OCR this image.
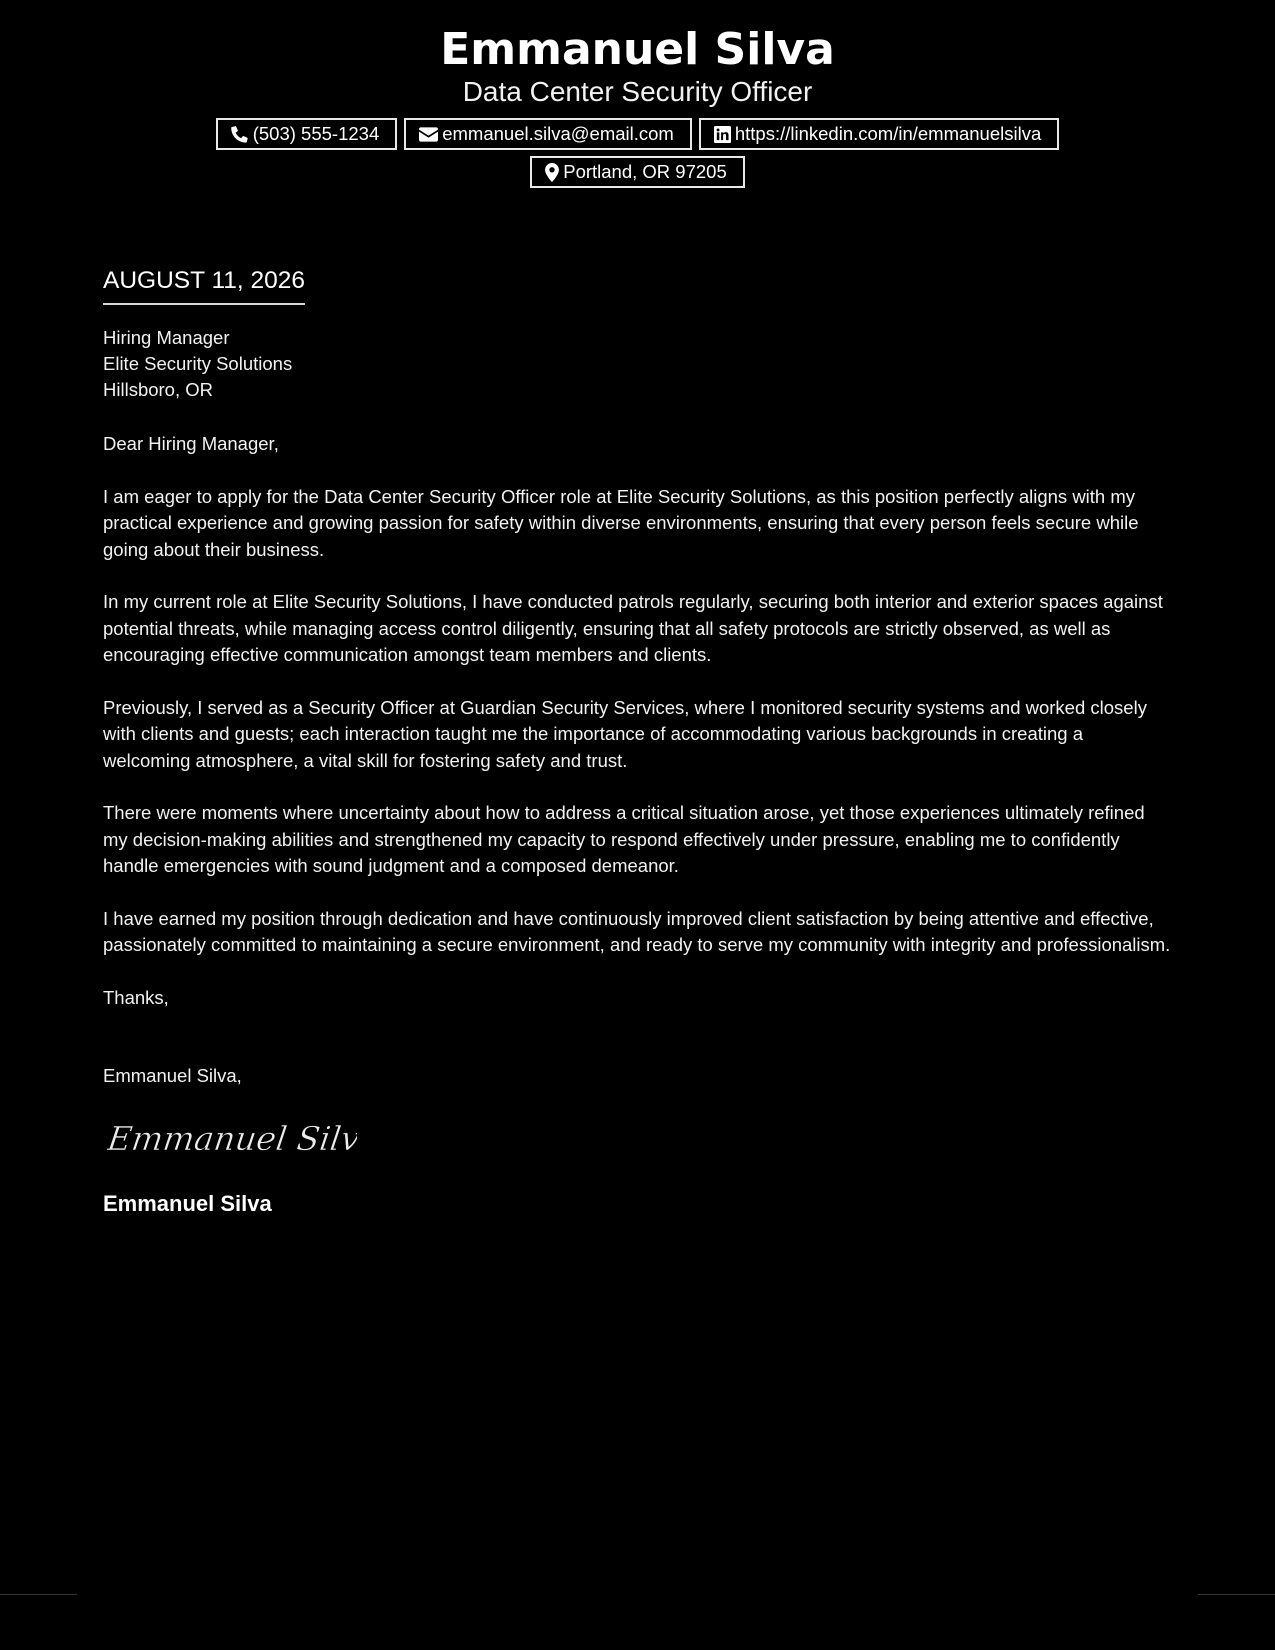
Emmanuel Silva
Data Center Security Officer
(503) 555-1234	emmanuel.silva@email.com	https://linkedin.com/in/emmanuelsilva
Portland, OR 97205
AUGUST 11, 2026
Hiring Manager
Elite Security Solutions
Hillsboro, OR
Dear Hiring Manager,
I am eager to apply for the Data Center Security Officer role at Elite Security Solutions, as this position perfectly aligns with my practical experience and growing passion for safety within diverse environments, ensuring that every person feels secure while going about their business.
In my current role at Elite Security Solutions, I have conducted patrols regularly, securing both interior and exterior spaces against potential threats, while managing access control diligently, ensuring that all safety protocols are strictly observed, as well as encouraging effective communication amongst team members and clients.
Previously, I served as a Security Officer at Guardian Security Services, where I monitored security systems and worked closely with clients and guests; each interaction taught me the importance of accommodating various backgrounds in creating a welcoming atmosphere, a vital skill for fostering safety and trust.
There were moments where uncertainty about how to address a critical situation arose, yet those experiences ultimately refined my decision-making abilities and strengthened my capacity to respond effectively under pressure, enabling me to confidently handle emergencies with sound judgment and a composed demeanor.
I have earned my position through dedication and have continuously improved client satisfaction by being attentive and effective, passionately committed to maintaining a secure environment, and ready to serve my community with integrity and professionalism.
Thanks,
Emmanuel Silva,
Emmanuel Silva
Emmanuel Silva
